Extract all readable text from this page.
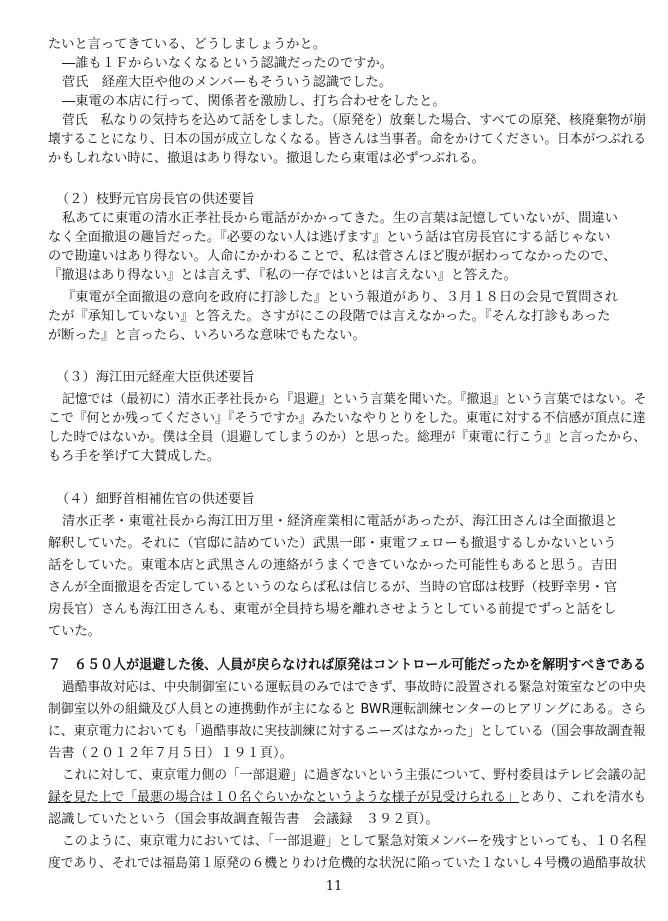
たいと言ってきている、どうしましょうかと。
―誰も１Ｆからいなくなるという認識だったのですか。
菅氏　経産大臣や他のメンバーもそういう認識でした。
―東電の本店に行って、関係者を激励し、打ち合わせをしたと。
菅氏　私なりの気持ちを込めて話をしました。（原発を）放棄した場合、すべての原発、核廃棄物が崩
壊することになり、日本の国が成立しなくなる。皆さんは当事者。命をかけてください。日本がつぶれる
かもしれない時に、撤退はあり得ない。撤退したら東電は必ずつぶれる。
（２）枝野元官房長官の供述要旨
私あてに東電の清水正孝社長から電話がかかってきた。生の言葉は記憶していないが、間違い
なく全面撤退の趣旨だった。『必要のない人は逃げます』という話は官房長官にする話じゃない
ので勘違いはあり得ない。人命にかかわることで、私は菅さんほど腹が据わってなかったので、
『撤退はあり得ない』とは言えず、『私の一存ではいとは言えない』と答えた。
『東電が全面撤退の意向を政府に打診した』という報道があり、３月１８日の会見で質問され
たが『承知していない』と答えた。さすがにこの段階では言えなかった。『そんな打診もあった
が断った』と言ったら、いろいろな意味でもたない。
（３）海江田元経産大臣供述要旨
記憶では（最初に）清水正孝社長から『退避』という言葉を聞いた。『撤退』という言葉ではない。そ
こで『何とか残ってください』『そうですか』みたいなやりとりをした。東電に対する不信感が頂点に達
した時ではないか。僕は全員（退避してしまうのか）と思った。総理が『東電に行こう』と言ったから、
もろ手を挙げて大賛成した。
（４）細野首相補佐官の供述要旨
清水正孝・東電社長から海江田万里・経済産業相に電話があったが、海江田さんは全面撤退と
解釈していた。それに（官邸に詰めていた）武黒一郎・東電フェローも撤退するしかないという
話をしていた。東電本店と武黒さんの連絡がうまくできていなかった可能性もあると思う。吉田
さんが全面撤退を否定しているというのならば私は信じるが、当時の官邸は枝野（枝野幸男・官
房長官）さんも海江田さんも、東電が全員持ち場を離れさせようとしている前提でずっと話をし
ていた。
７　６５０人が退避した後、人員が戻らなければ原発はコントロール可能だったかを解明すべきである
過酷事故対応は、中央制御室にいる運転員のみではできず、事故時に設置される緊急対策室などの中央
制御室以外の組織及び人員との連携動作が主になると BWR運転訓練センターのヒアリングにある。さら
に、東京電力においても「過酷事故に実技訓練に対するニーズはなかった」としている（国会事故調査報
告書（２０１２年７月５日）１９１頁）。
これに対して、東京電力側の「一部退避」に過ぎないという主張について、野村委員はテレビ会議の記
録を見た上で「最悪の場合は１０名ぐらいかなというような様子が見受けられる」とあり、これを清水も
認識していたという（国会事故調査報告書　会議録　３９２頁）。
このように、東京電力においては、「一部退避」として緊急対策メンバーを残すといっても、１０名程
度であり、それでは福島第１原発の６機とりわけ危機的な状況に陥っていた１ないし４号機の過酷事故状
11
